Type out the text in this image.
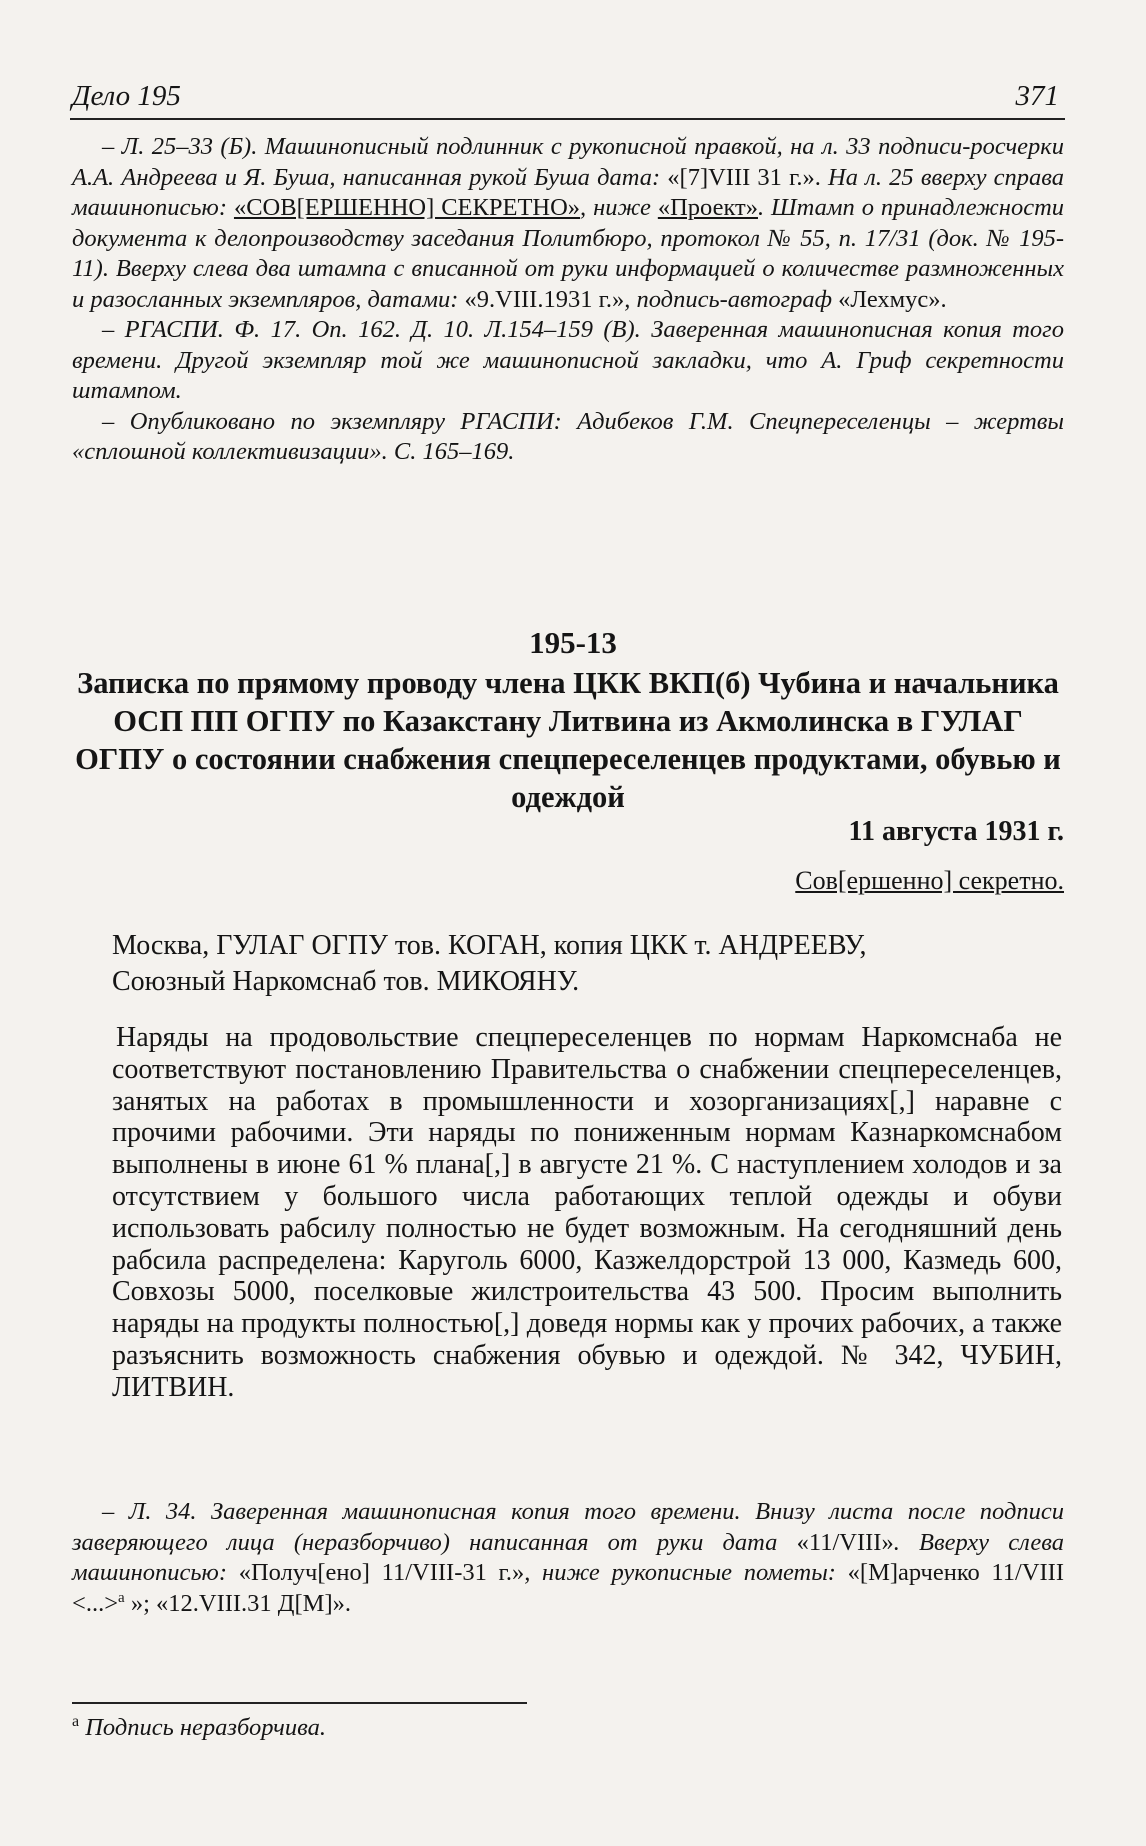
Дело 195	371

– Л. 25–33 (Б). Машинописный подлинник с рукописной правкой, на л. 33 подписи-росчерки А.А. Андреева и Я. Буша, написанная рукой Буша дата: «[7]VIII 31 г.». На л. 25 вверху справа машинописью: «СОВ[ЕРШЕННО] СЕКРЕТНО», ниже «Проект». Штамп о принадлежности документа к делопроизводству заседания Политбюро, протокол № 55, п. 17/31 (док. № 195-11). Вверху слева два штампа с вписанной от руки информацией о количестве размноженных и разосланных экземпляров, датами: «9.VIII.1931 г.», подпись-автограф «Лехмус».

– РГАСПИ. Ф. 17. Оп. 162. Д. 10. Л.154–159 (В). Заверенная машинописная копия того времени. Другой экземпляр той же машинописной закладки, что А. Гриф секретности штампом.

– Опубликовано по экземпляру РГАСПИ: Адибеков Г.М. Спецпереселенцы – жертвы «сплошной коллективизации». С. 165–169.

195-13
Записка по прямому проводу члена ЦКК ВКП(б) Чубина и начальника ОСП ПП ОГПУ по Казакстану Литвина из Акмолинска в ГУЛАГ ОГПУ о состоянии снабжения спецпереселенцев продуктами, обувью и одеждой
11 августа 1931 г.
Сов[ершенно] секретно.

Москва, ГУЛАГ ОГПУ тов. КОГАН, копия ЦКК т. АНДРЕЕВУ,

Союзный Наркомснаб тов. МИКОЯНУ.

Наряды на продовольствие спецпереселенцев по нормам Наркомснаба не соответствуют постановлению Правительства о снабжении спецпереселенцев, занятых на работах в промышленности и хозорганизациях[,] наравне с прочими рабочими. Эти наряды по пониженным нормам Казнаркомснабом выполнены в июне 61 % плана[,] в августе 21 %. С наступлением холодов и за отсутствием у большого числа работающих теплой одежды и обуви использовать рабсилу полностью не будет возможным. На сегодняшний день рабсила распределена: Каруголь 6000, Казжелдорстрой 13 000, Казмедь 600, Совхозы 5000, поселковые жилстроительства 43 500. Просим выполнить наряды на продукты полностью[,] доведя нормы как у прочих рабочих, а также разъяснить возможность снабжения обувью и одеждой. № 342, ЧУБИН, ЛИТВИН.

– Л. 34. Заверенная машинописная копия того времени. Внизу листа после подписи заверяющего лица (неразборчиво) написанная от руки дата «11/VIII». Вверху слева машинописью: «Получ[ено] 11/VIII-31 г.», ниже рукописные пометы: «[М]арченко 11/VIII <...>$^а$ »; «12.VIII.31 Д[М]».

$^а$ Подпись неразборчива.
